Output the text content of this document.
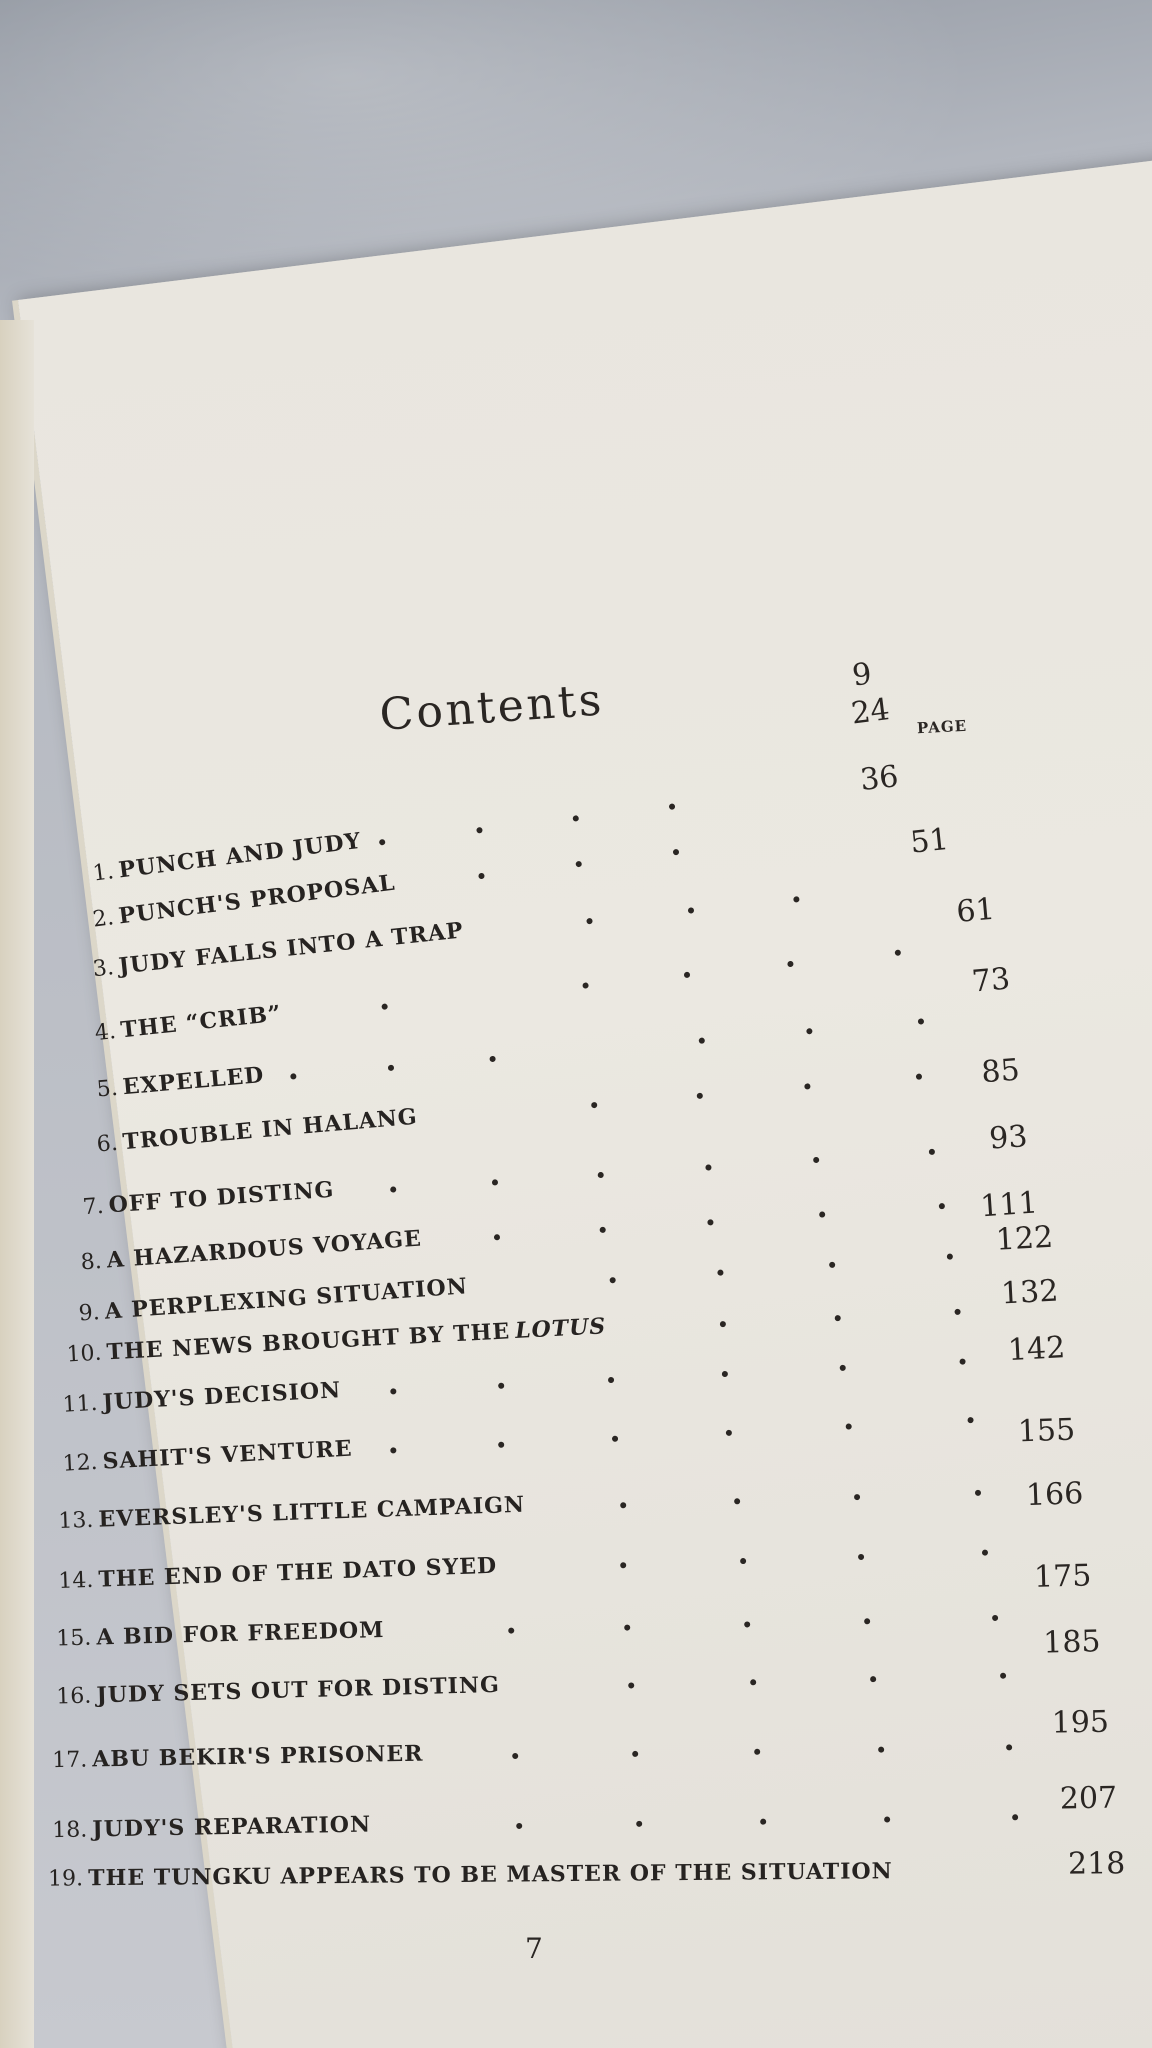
Contents	PAGE
1. PUNCH AND JUDY
9
2. PUNCH'S PROPOSAL
24
3. JUDY FALLS INTO A TRAP
36
4. THE “CRIB”
51
5. EXPELLED
61
6. TROUBLE IN HALANG
73
7. OFF TO DISTING
85
8. A HAZARDOUS VOYAGE
93
9. A PERPLEXING SITUATION
111
10. THE NEWS BROUGHT BY THE LOTUS
122
11. JUDY'S DECISION
132
12. SAHIT'S VENTURE
142
13. EVERSLEY'S LITTLE CAMPAIGN
155
14. THE END OF THE DATO SYED
166
15. A BID FOR FREEDOM
175
16. JUDY SETS OUT FOR DISTING
185
17. ABU BEKIR'S PRISONER
195
18. JUDY'S REPARATION
207
19. THE TUNGKU APPEARS TO BE MASTER OF THE SITUATION	218
7
